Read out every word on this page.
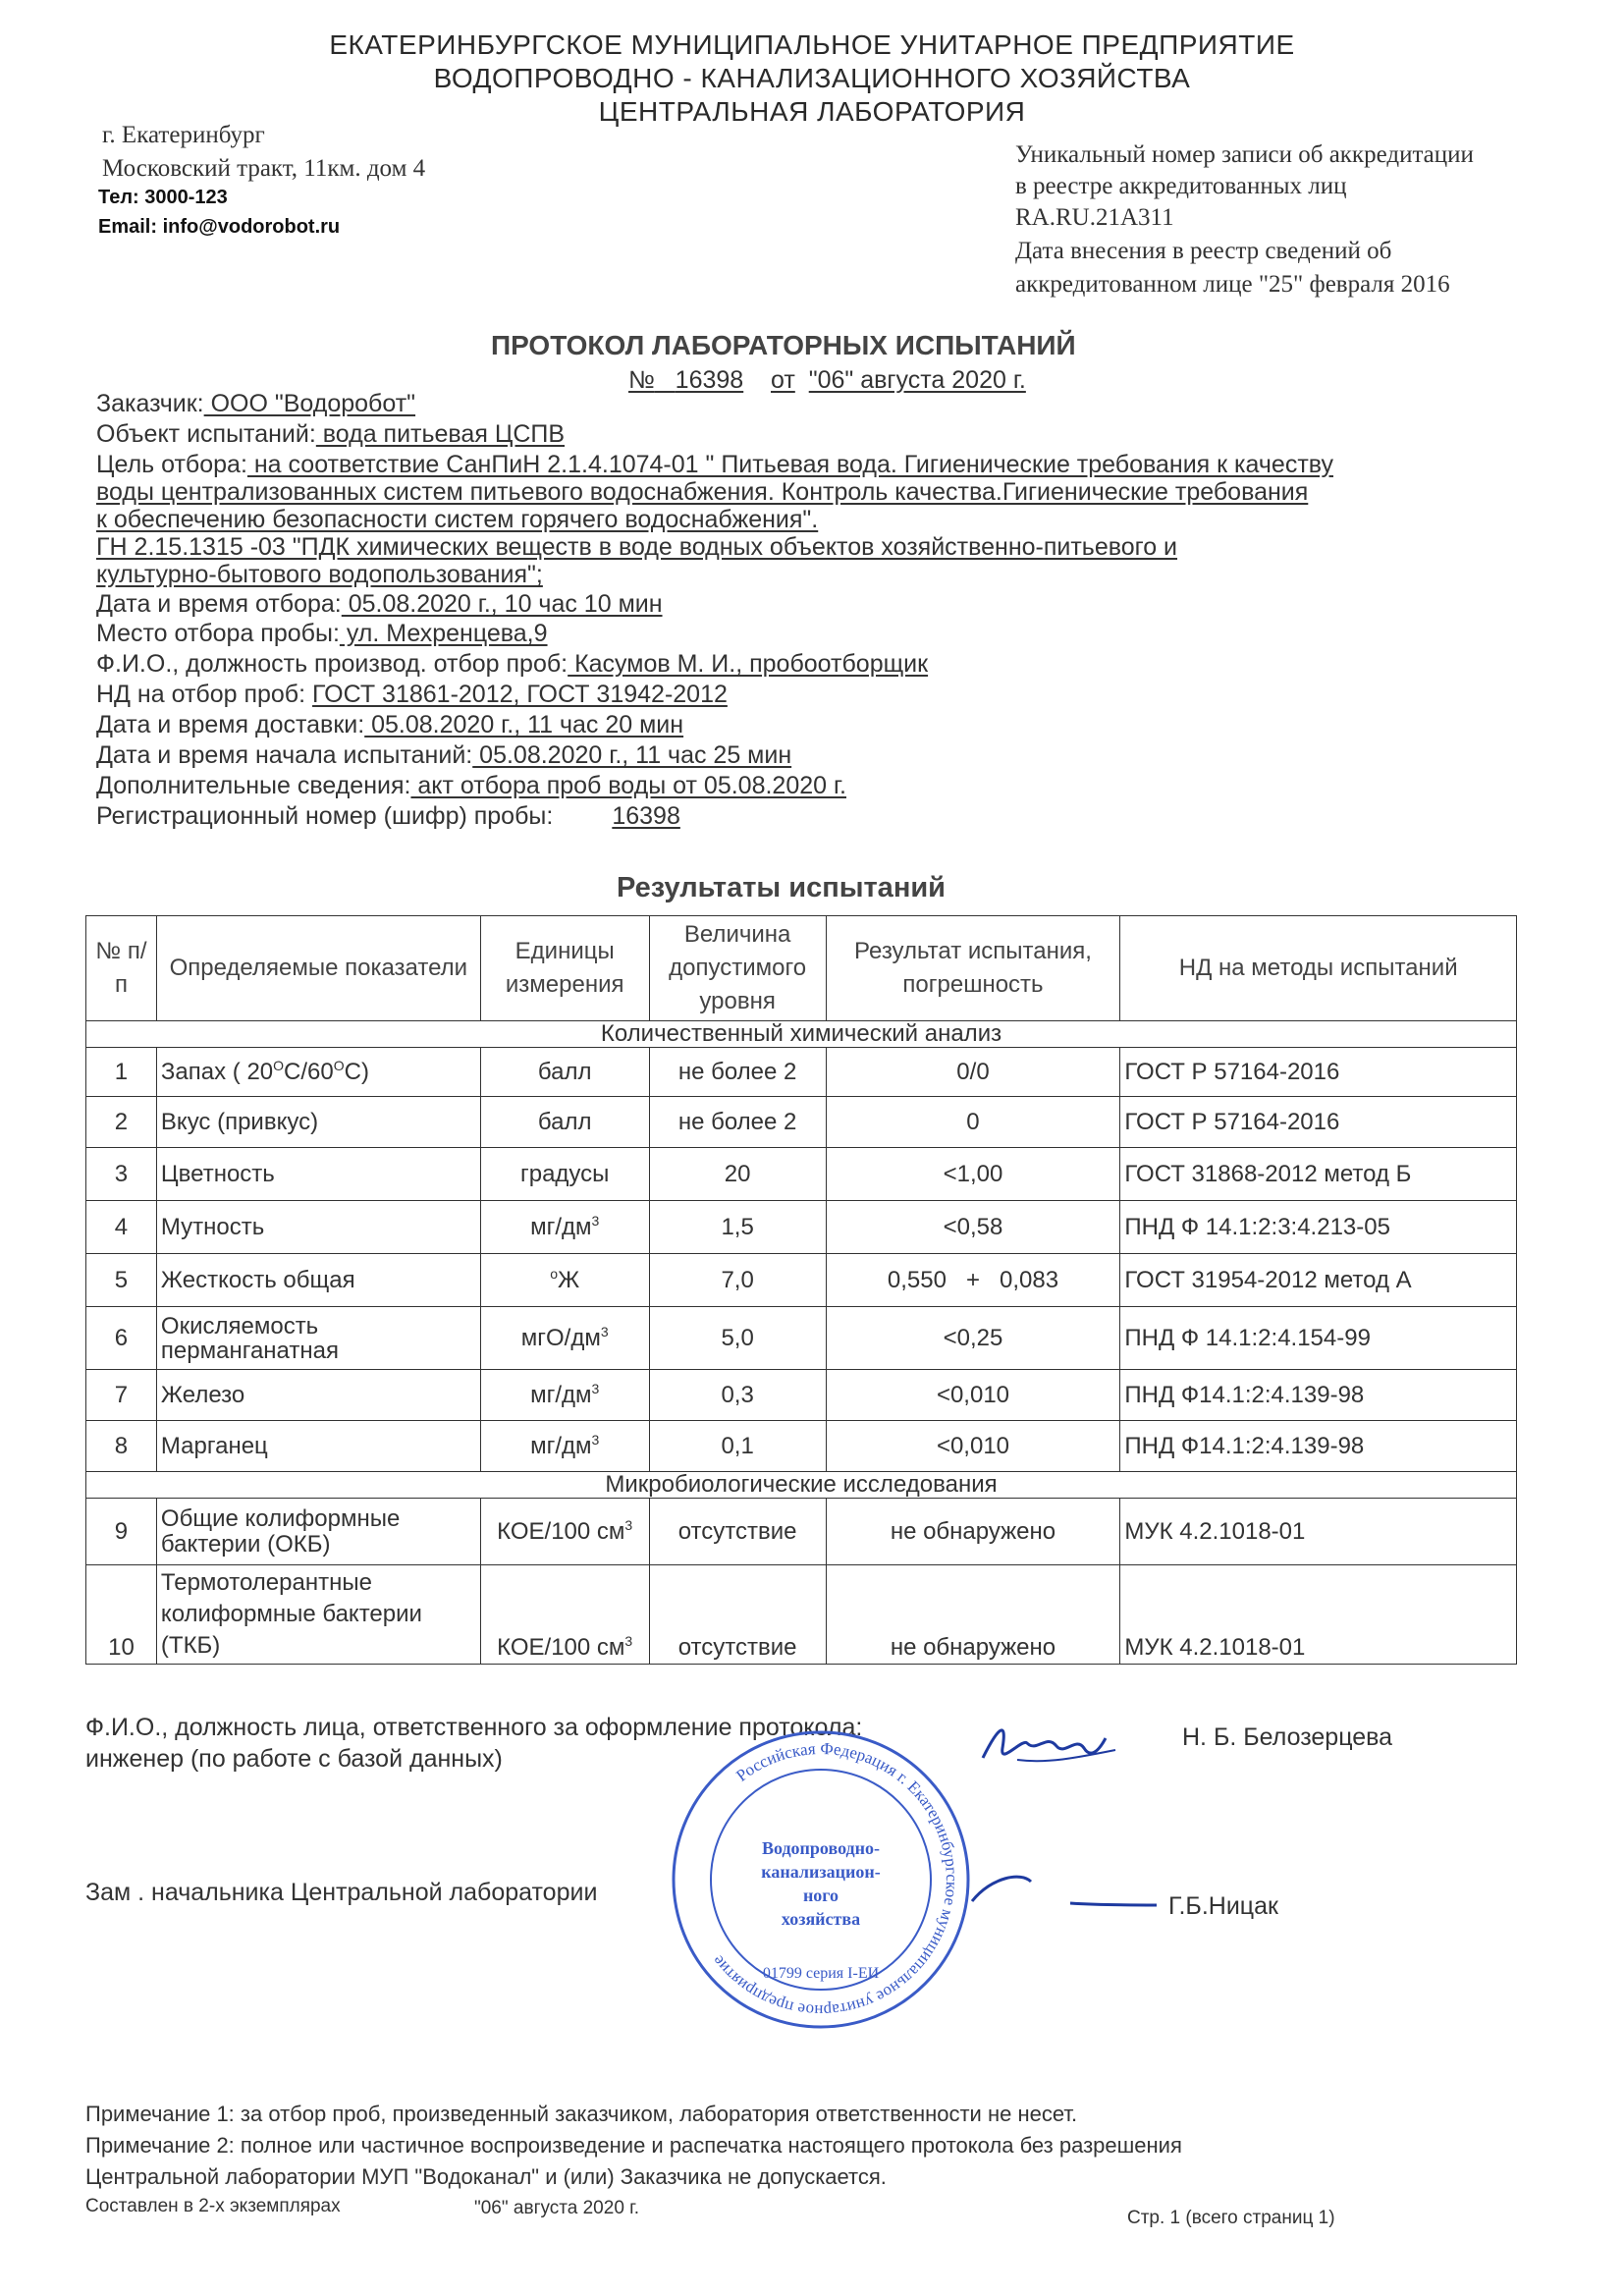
ЕКАТЕРИНБУРГСКОЕ МУНИЦИПАЛЬНОЕ УНИТАРНОЕ ПРЕДПРИЯТИЕ
ВОДОПРОВОДНО - КАНАЛИЗАЦИОННОГО ХОЗЯЙСТВА
ЦЕНТРАЛЬНАЯ ЛАБОРАТОРИЯ
г. Екатеринбург
Московский тракт, 11км. дом 4
Тел: 3000-123
Email: info@vodorobot.ru
Уникальный номер записи об аккредитации
в реестре аккредитованных лиц
RA.RU.21А311
Дата внесения в реестр сведений об
аккредитованном лице "25" февраля 2016
ПРОТОКОЛ ЛАБОРАТОРНЫХ ИСПЫТАНИЙ
№ 16398 от "06" августа 2020 г.
Заказчик: ООО "Водоробот"
Объект испытаний: вода питьевая ЦСПВ
Цель отбора: на соответствие СанПиН 2.1.4.1074-01 " Питьевая вода. Гигиенические требования к качеству
воды централизованных систем питьевого водоснабжения. Контроль качества.Гигиенические требования
к обеспечению безопасности систем горячего водоснабжения".
ГН 2.15.1315 -03 "ПДК химических веществ в воде водных объектов хозяйственно-питьевого и
культурно-бытового водопользования";
Дата и время отбора: 05.08.2020 г., 10 час 10 мин
Место отбора пробы: ул. Мехренцева,9
Ф.И.О., должность производ. отбор проб: Касумов М. И., пробоотборщик
НД на отбор проб: ГОСТ 31861-2012, ГОСТ 31942-2012
Дата и время доставки: 05.08.2020 г., 11 час 20 мин
Дата и время начала испытаний: 05.08.2020 г., 11 час 25 мин
Дополнительные сведения: акт отбора проб воды от 05.08.2020 г.
Регистрационный номер (шифр) пробы: 16398
Результаты испытаний
№ п/п	Определяемые показатели	Единицы измерения	Величина допустимого уровня	Результат испытания, погрешность	НД на методы испытаний
Количественный химический анализ					
1	Запах ( $20^OC/60^OC$)	балл	не более 2	0/0	ГОСТ Р 57164-2016
2	Вкус (привкус)	балл	не более 2	0	ГОСТ Р 57164-2016
3	Цветность	градусы	20	<1,00	ГОСТ 31868-2012 метод Б
4	Мутность	$мг/дм^3$	1,5	<0,58	ПНД Ф 14.1:2:3:4.213-05
5	Жесткость общая	$^o$Ж	7,0	0,550   +   0,083	ГОСТ 31954-2012 метод А
6	Окисляемость перманганатная	мгО/$дм^3$	5,0	<0,25	ПНД Ф 14.1:2:4.154-99
7	Железо	$мг/дм^3$	0,3	<0,010	ПНД Ф14.1:2:4.139-98
8	Марганец	$мг/дм^3$	0,1	<0,010	ПНД Ф14.1:2:4.139-98
Микробиологические исследования					
9	Общие колиформные бактерии (ОКБ)	КОЕ/100 $см^3$	отсутствие	не обнаружено	МУК 4.2.1018-01
10	Термотолерантные колиформные бактерии (ТКБ)	КОЕ/100 $см^3$	отсутствие	не обнаружено	МУК 4.2.1018-01
Ф.И.О., должность лица, ответственного за оформление протокола:
инженер (по работе с базой данных)
Н. Б. Белозерцева
Зам . начальника Центральной лаборатории	Г.Б.Ницак
Российская Федерация г. Екатеринбургское муниципальное унитарное предприятие
Водопроводно-
канализацион-
ного
хозяйства
01799 серия I-ЕИ
Примечание 1: за отбор проб, произведенный заказчиком, лаборатория ответственности не несет.
Примечание 2: полное или частичное воспроизведение и распечатка настоящего протокола без разрешения
Центральной лаборатории МУП "Водоканал" и (или) Заказчика не допускается.
Составлен в 2-х экземплярах	"06" августа 2020 г.	Стр. 1 (всего страниц 1)
